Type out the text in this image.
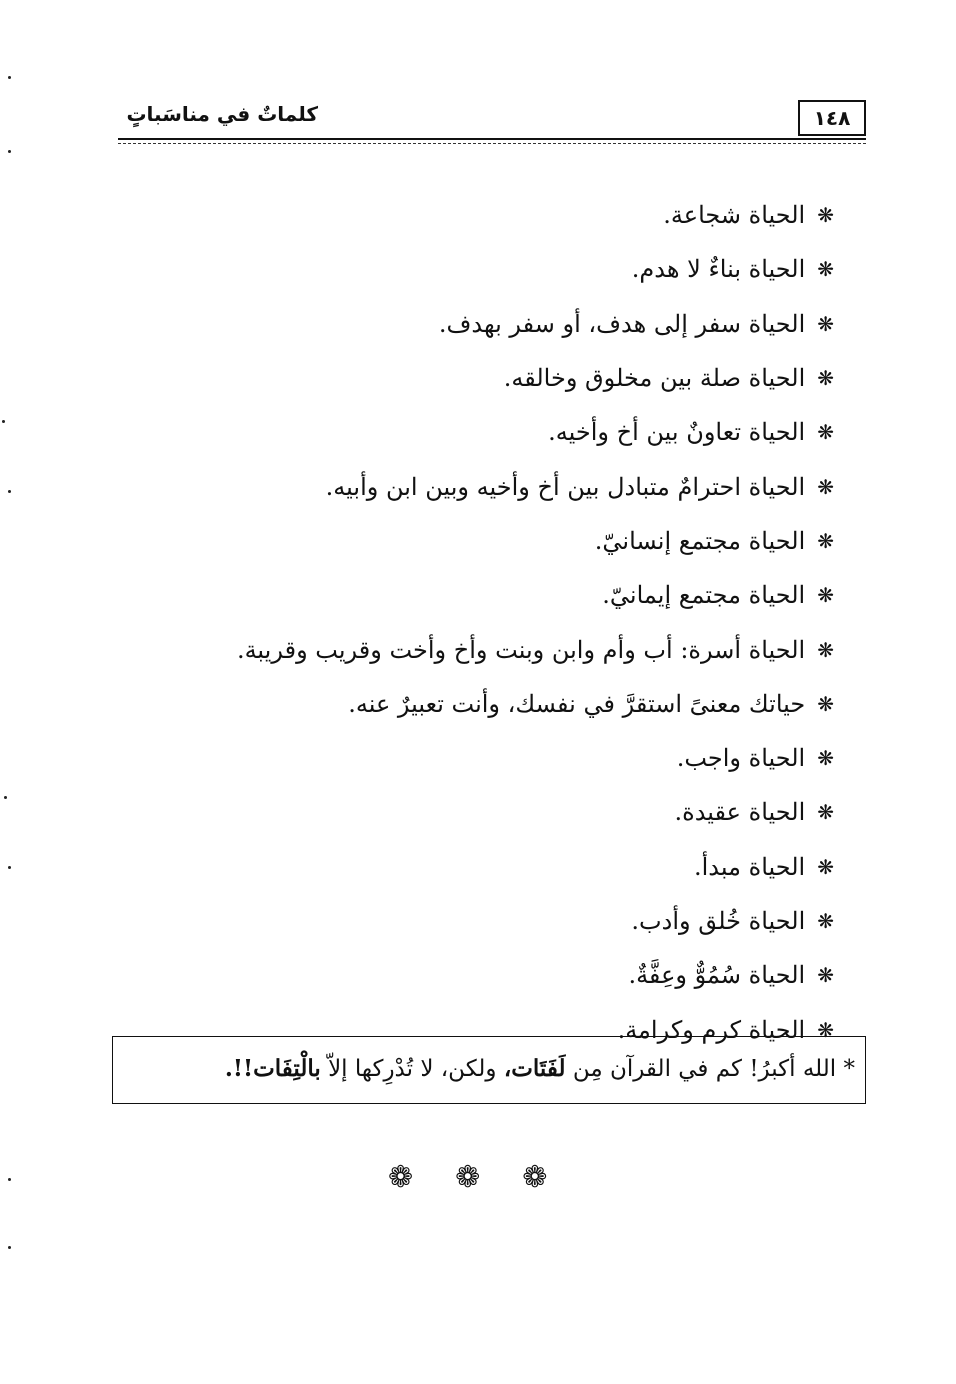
كلماتٌ في مناسَباتٍ	١٤٨
❋
الحياة شجاعة.
❋
الحياة بناءٌ لا هدم.
❋
الحياة سفر إلى هدف، أو سفر بهدف.
❋
الحياة صلة بين مخلوق وخالقه.
❋
الحياة تعاونٌ بين أخ وأخيه.
❋
الحياة احترامٌ متبادل بين أخ وأخيه وبين ابن وأبيه.
❋
الحياة مجتمع إنسانيّ.
❋
الحياة مجتمع إيمانيّ.
❋
الحياة أسرة: أب وأم وابن وبنت وأخ وأخت وقريب وقريبة.
❋
حياتك معنىً استقرَّ في نفسك، وأنت تعبيرٌ عنه.
❋
الحياة واجب.
❋
الحياة عقيدة.
❋
الحياة مبدأ.
❋
الحياة خُلق وأدب.
❋
الحياة سُمُوٌّ وعِفَّةٌ.
❋
الحياة كرم وكرامة.
* الله أكبرُ! كم في القرآن مِن لَفَتَات، ولكن، لا تُدْرِكها إلاّ بالْتِفَات!!.
❁ ❁ ❁
